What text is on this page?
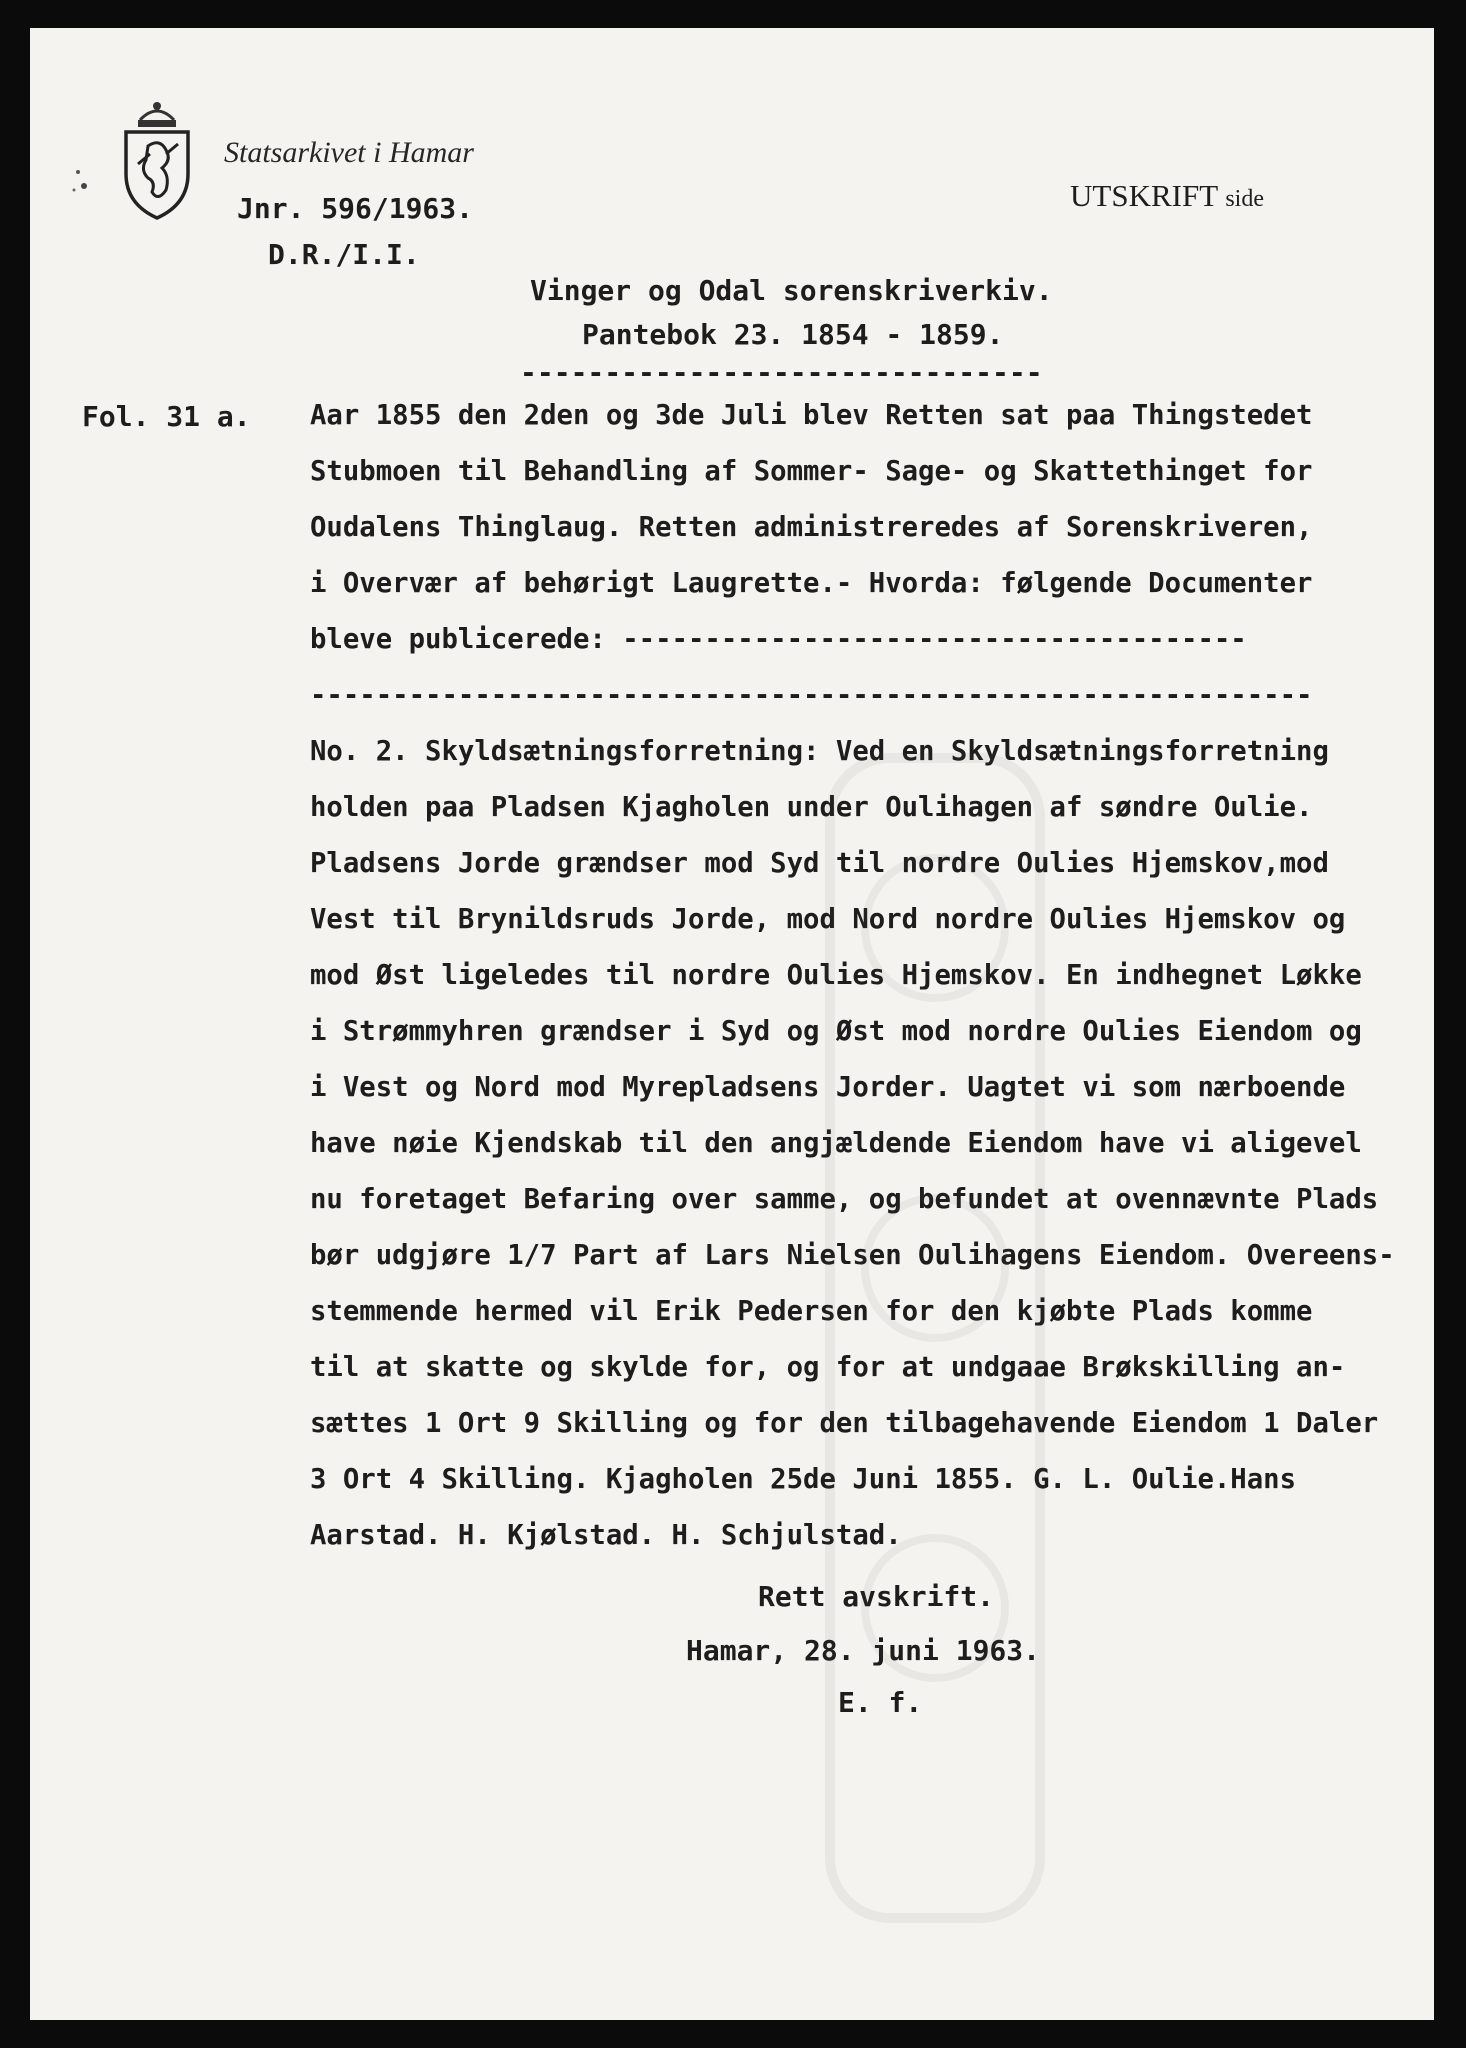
Statsarkivet i Hamar
UTSKRIFT side
Jnr. 596/1963.
D.R./I.I.
Vinger og Odal sorenskriverkiv.
Pantebok 23. 1854 - 1859.
-------------------------------
Fol. 31 a. Aar 1855 den 2den og 3de Juli blev Retten sat paa Thingstedet
Stubmoen til Behandling af Sommer- Sage- og Skattethinget for
Oudalens Thinglaug. Retten administreredes af Sorenskriveren,
i Overvær af behørigt Laugrette.- Hvorda: følgende Documenter
bleve publicerede: --------------------------------------
-------------------------------------------------------------
No. 2. Skyldsætningsforretning: Ved en Skyldsætningsforretning
holden paa Pladsen Kjagholen under Oulihagen af søndre Oulie.
Pladsens Jorde grændser mod Syd til nordre Oulies Hjemskov,mod
Vest til Brynildsruds Jorde, mod Nord nordre Oulies Hjemskov og
mod Øst ligeledes til nordre Oulies Hjemskov. En indhegnet Løkke
i Strømmyhren grændser i Syd og Øst mod nordre Oulies Eiendom og
i Vest og Nord mod Myrepladsens Jorder. Uagtet vi som nærboende
have nøie Kjendskab til den angjældende Eiendom have vi aligevel
nu foretaget Befaring over samme, og befundet at ovennævnte Plads
bør udgjøre 1/7 Part af Lars Nielsen Oulihagens Eiendom. Overeens-
stemmende hermed vil Erik Pedersen for den kjøbte Plads komme
til at skatte og skylde for, og for at undgaae Brøkskilling an-
sættes 1 Ort 9 Skilling og for den tilbagehavende Eiendom 1 Daler
3 Ort 4 Skilling. Kjagholen 25de Juni 1855. G. L. Oulie.Hans
Aarstad. H. Kjølstad. H. Schjulstad.
Rett avskrift.
Hamar, 28. juni 1963.
E. f.
